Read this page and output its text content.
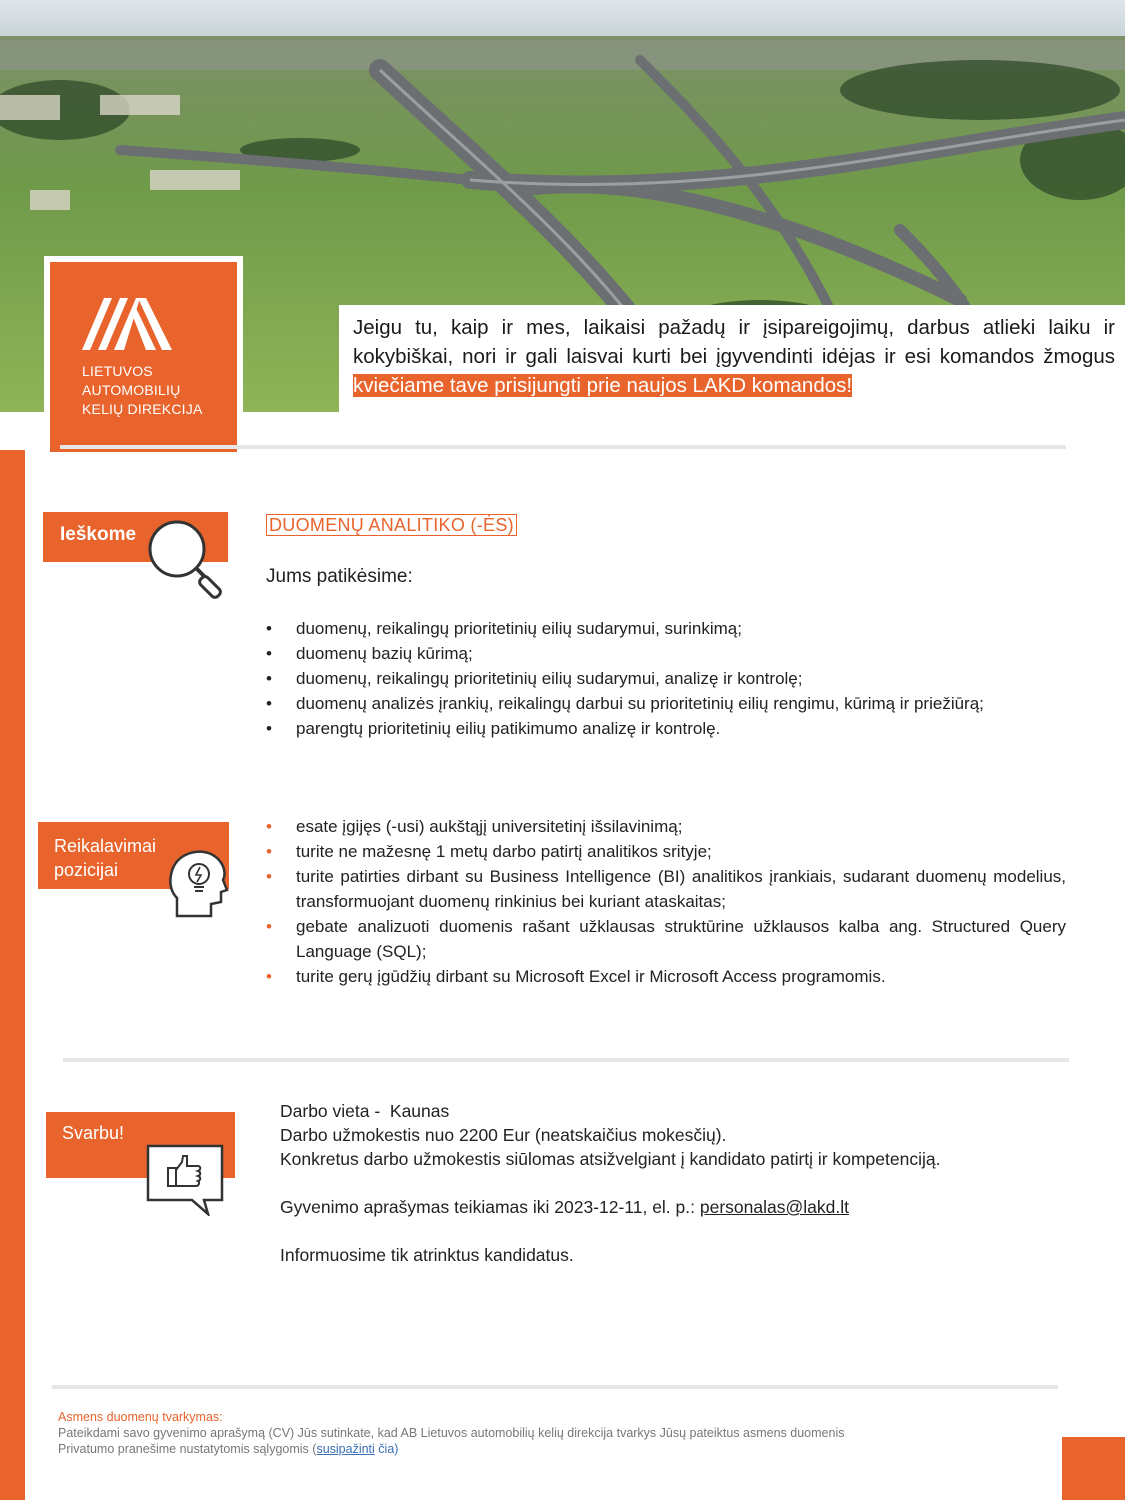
LIETUVOS
AUTOMOBILIŲ
KELIŲ DIREKCIJA

Jeigu tu, kaip ir mes, laikaisi pažadų ir įsipareigojimų, darbus atlieki laiku ir kokybiškai, nori ir gali laisvai kurti bei įgyvendinti idėjas ir esi komandos žmogus kviečiame tave prisijungti prie naujos LAKD komandos!

Ieškome	DUOMENŲ ANALITIKO (-ĖS)
Jums patikėsime:
• duomenų, reikalingų prioritetinių eilių sudarymui, surinkimą;
• duomenų bazių kūrimą;
• duomenų, reikalingų prioritetinių eilių sudarymui, analizę ir kontrolę;
• duomenų analizės įrankių, reikalingų darbui su prioritetinių eilių rengimu, kūrimą ir priežiūrą;
• parengtų prioritetinių eilių patikimumo analizę ir kontrolę.
Reikalavimai
pozicijai
• esate įgijęs (-usi) aukštąjį universitetinį išsilavinimą;
• turite ne mažesnę 1 metų darbo patirtį analitikos srityje;
• turite patirties dirbant su Business Intelligence (BI) analitikos įrankiais, sudarant duomenų modelius, transformuojant duomenų rinkinius bei kuriant ataskaitas;
• gebate analizuoti duomenis rašant užklausas struktūrine užklausos kalba ang. Structured Query Language (SQL);
• turite gerų įgūdžių dirbant su Microsoft Excel ir Microsoft Access programomis.
Svarbu!
Darbo vieta -  Kaunas
Darbo užmokestis nuo 2200 Eur (neatskaičius mokesčių).
Konkretus darbo užmokestis siūlomas atsižvelgiant į kandidato patirtį ir kompetenciją.
Gyvenimo aprašymas teikiamas iki 2023-12-11, el. p.: personalas@lakd.lt
Informuosime tik atrinktus kandidatus.
Asmens duomenų tvarkymas:
Pateikdami savo gyvenimo aprašymą (CV) Jūs sutinkate, kad AB Lietuvos automobilių kelių direkcija tvarkys Jūsų pateiktus asmens duomenis
Privatumo pranešime nustatytomis sąlygomis (susipažinti čia)
